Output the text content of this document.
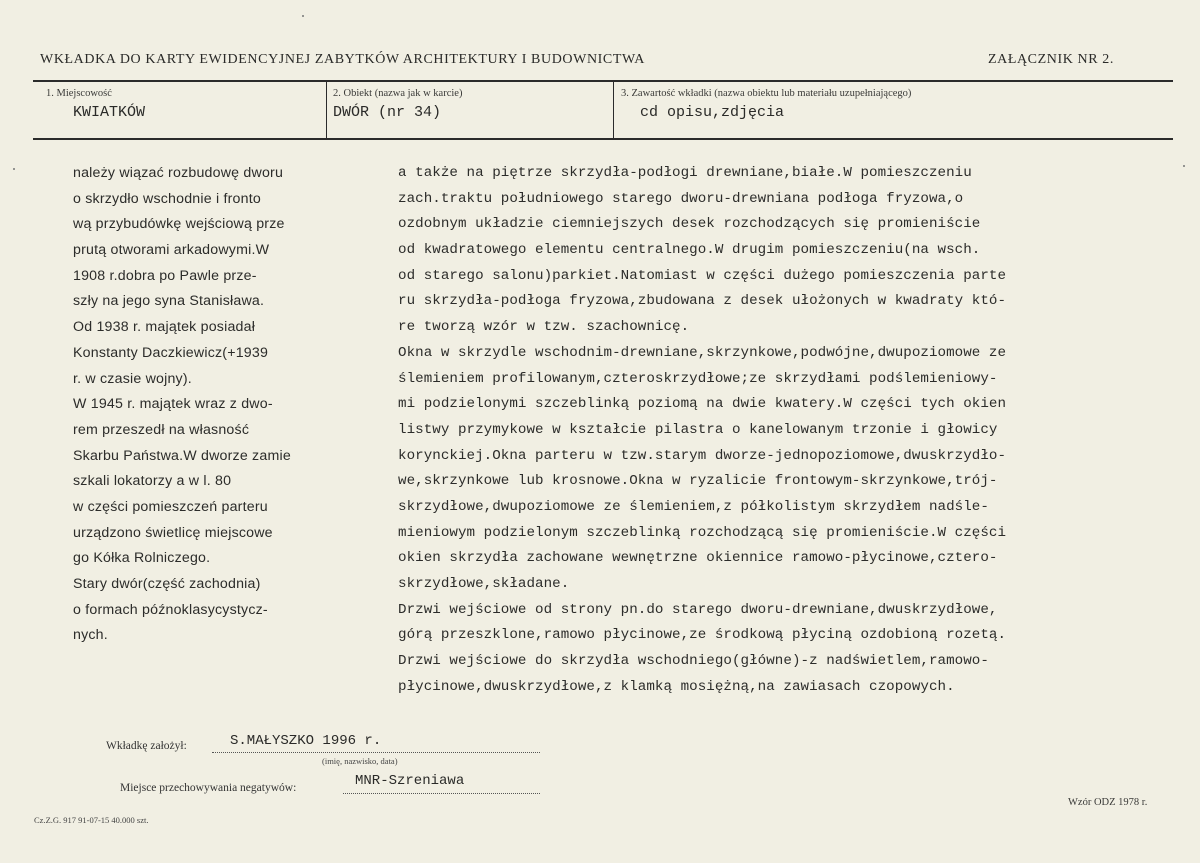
WKŁADKA DO KARTY EWIDENCYJNEJ ZABYTKÓW ARCHITEKTURY I BUDOWNICTWA	ZAŁĄCZNIK NR 2.
1. Miejscowość
KWIATKÓW
2. Obiekt (nazwa jak w karcie)
DWÓR (nr 34)
3. Zawartość wkładki (nazwa obiektu lub materiału uzupełniającego)
cd opisu,zdjęcia
należy wiązać rozbudowę dworu
o skrzydło wschodnie i fronto
wą przybudówkę wejściową prze
prutą otworami arkadowymi.W
1908 r.dobra po Pawle prze-
szły na jego syna Stanisława.
Od 1938 r. majątek posiadał
Konstanty Daczkiewicz(+1939
r. w czasie wojny).
W 1945 r. majątek wraz z dwo-
rem przeszedł na własność
Skarbu Państwa.W dworze zamie
szkali lokatorzy a w l. 80
w części pomieszczeń parteru
urządzono świetlicę miejscowe
go Kółka Rolniczego.
Stary dwór(część zachodnia)
o formach późnoklasycystycz-
nych.
a także na piętrze skrzydła-podłogi drewniane,białe.W pomieszczeniu
zach.traktu południowego starego dworu-drewniana podłoga fryzowa,o
ozdobnym układzie ciemniejszych desek rozchodzących się promieniście
od kwadratowego elementu centralnego.W drugim pomieszczeniu(na wsch.
od starego salonu)parkiet.Natomiast w części dużego pomieszczenia parte
ru skrzydła-podłoga fryzowa,zbudowana z desek ułożonych w kwadraty któ-
re tworzą wzór w tzw. szachownicę.
Okna w skrzydle wschodnim-drewniane,skrzynkowe,podwójne,dwupoziomowe ze
ślemieniem profilowanym,czteroskrzydłowe;ze skrzydłami podślemieniowy-
mi podzielonymi szczeblinką poziomą na dwie kwatery.W części tych okien
listwy przymykowe w kształcie pilastra o kanelowanym trzonie i głowicy
korynckiej.Okna parteru w tzw.starym dworze-jednopoziomowe,dwuskrzydło-
we,skrzynkowe lub krosnowe.Okna w ryzalicie frontowym-skrzynkowe,trój-
skrzydłowe,dwupoziomowe ze ślemieniem,z półkolistym skrzydłem nadśle-
mieniowym podzielonym szczeblinką rozchodzącą się promieniście.W części
okien skrzydła zachowane wewnętrzne okiennice ramowo-płycinowe,cztero-
skrzydłowe,składane.
Drzwi wejściowe od strony pn.do starego dworu-drewniane,dwuskrzydłowe,
górą przeszklone,ramowo płycinowe,ze środkową płyciną ozdobioną rozetą.
Drzwi wejściowe do skrzydła wschodniego(główne)-z nadświetlem,ramowo-
płycinowe,dwuskrzydłowe,z klamką mosiężną,na zawiasach czopowych.
Wkładkę założył:	S.MAŁYSZKO 1996 r.
(imię, nazwisko, data)
Miejsce przechowywania negatywów:	MNR-Szreniawa
Wzór ODZ 1978 r.
Cz.Z.G. 917 91-07-15 40.000 szt.
